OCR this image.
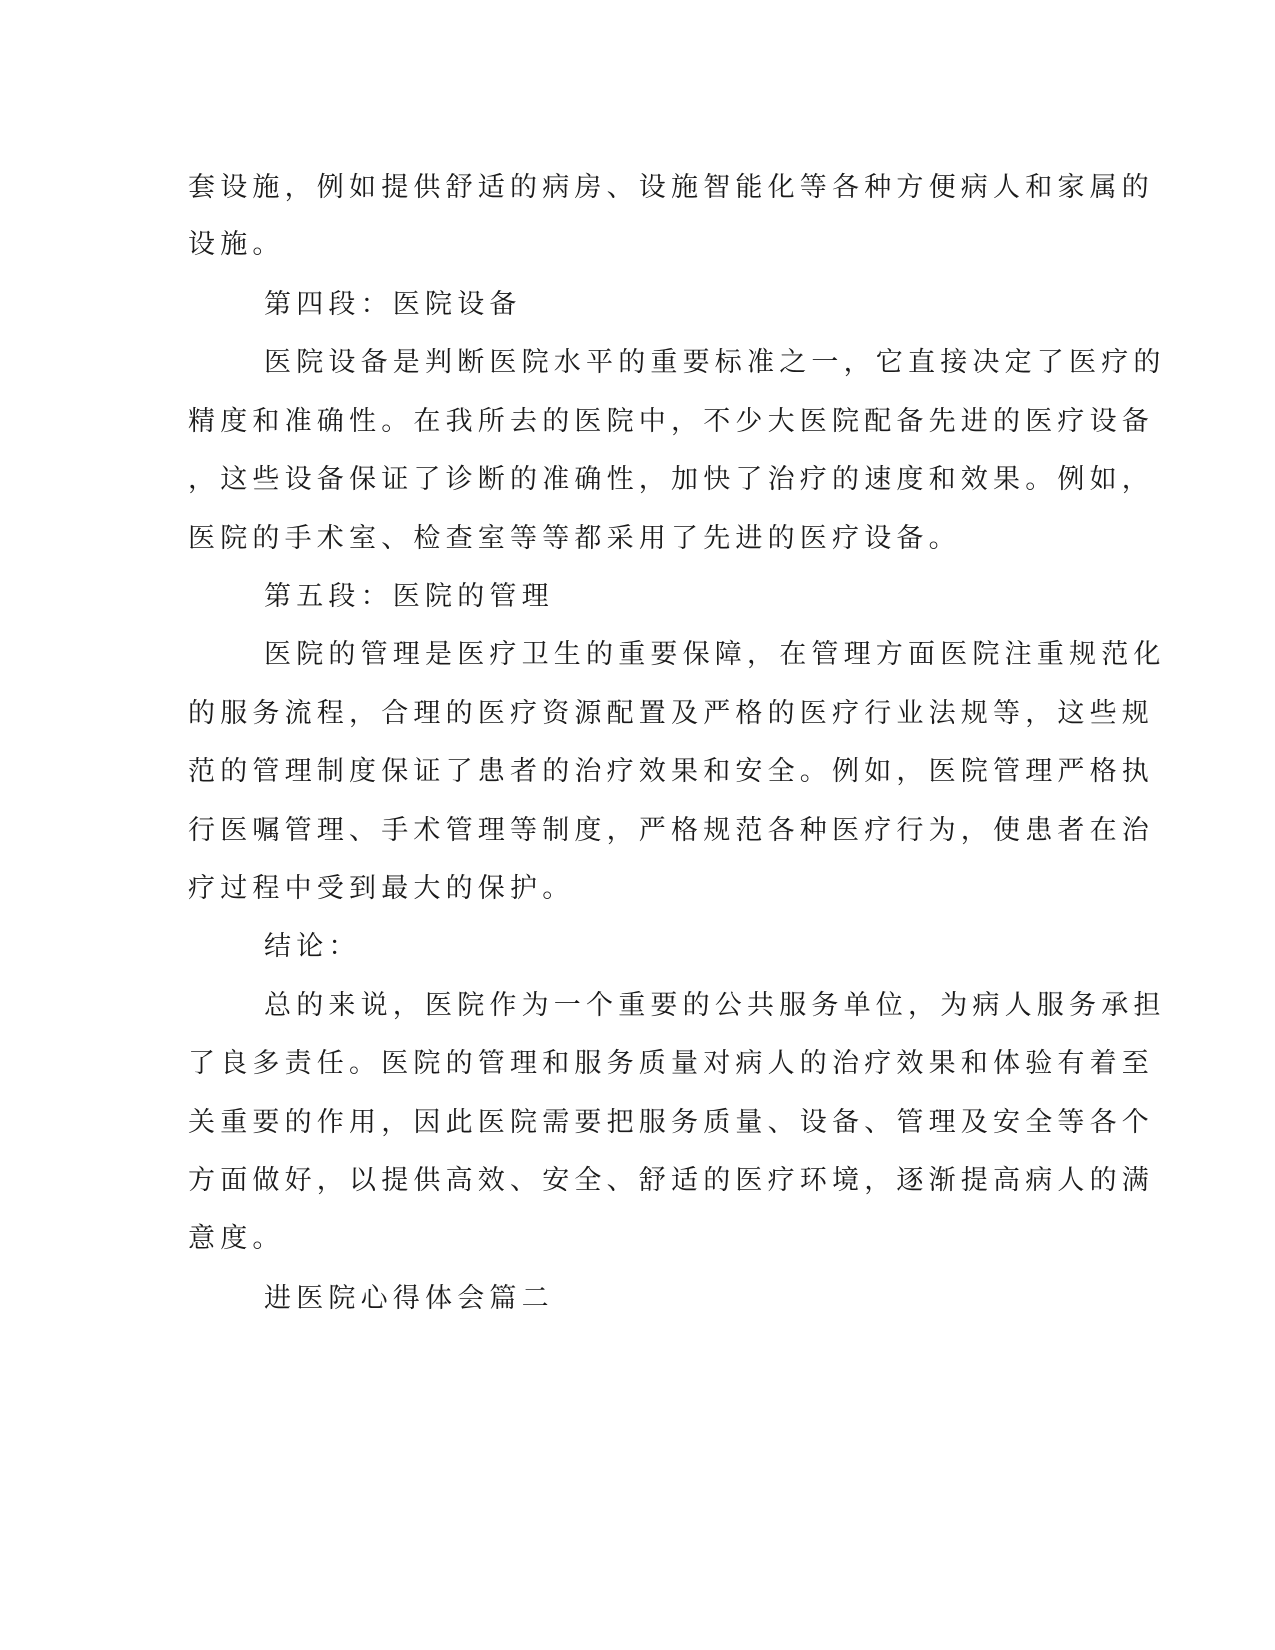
套设施，例如提供舒适的病房、设施智能化等各种方便病人和家属的
设施。
第四段：医院设备
医院设备是判断医院水平的重要标准之一，它直接决定了医疗的
精度和准确性。在我所去的医院中，不少大医院配备先进的医疗设备
，这些设备保证了诊断的准确性，加快了治疗的速度和效果。例如，
医院的手术室、检查室等等都采用了先进的医疗设备。
第五段：医院的管理
医院的管理是医疗卫生的重要保障，在管理方面医院注重规范化
的服务流程，合理的医疗资源配置及严格的医疗行业法规等，这些规
范的管理制度保证了患者的治疗效果和安全。例如，医院管理严格执
行医嘱管理、手术管理等制度，严格规范各种医疗行为，使患者在治
疗过程中受到最大的保护。
结论：
总的来说，医院作为一个重要的公共服务单位，为病人服务承担
了良多责任。医院的管理和服务质量对病人的治疗效果和体验有着至
关重要的作用，因此医院需要把服务质量、设备、管理及安全等各个
方面做好，以提供高效、安全、舒适的医疗环境，逐渐提高病人的满
意度。
进医院心得体会篇二
